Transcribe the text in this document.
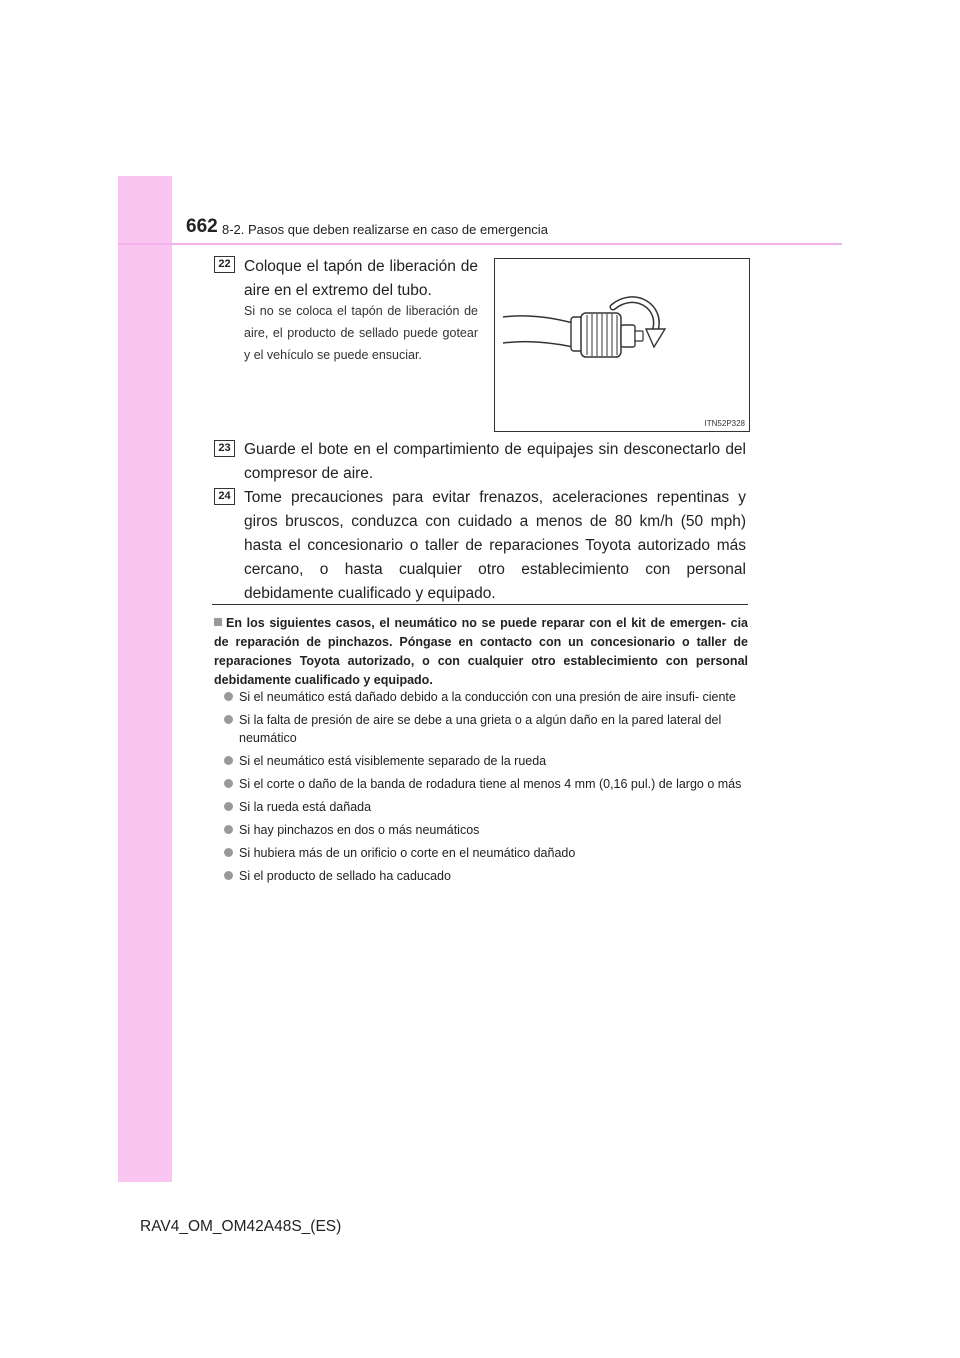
662 8-2. Pasos que deben realizarse en caso de emergencia
22 Coloque el tapón de liberación de aire en el extremo del tubo.
Si no se coloca el tapón de liberación de aire, el producto de sellado puede gotear y el vehículo se puede ensuciar.
ITN52P328
23 Guarde el bote en el compartimiento de equipajes sin desconectarlo del compresor de aire.
24 Tome precauciones para evitar frenazos, aceleraciones repentinas y giros bruscos, conduzca con cuidado a menos de 80 km/h (50 mph) hasta el concesionario o taller de reparaciones Toyota autorizado más cercano, o hasta cualquier otro establecimiento con personal debidamente cualificado y equipado.
En los siguientes casos, el neumático no se puede reparar con el kit de emergen- cia de reparación de pinchazos. Póngase en contacto con un concesionario o taller de reparaciones Toyota autorizado, o con cualquier otro establecimiento con personal debidamente cualificado y equipado.
Si el neumático está dañado debido a la conducción con una presión de aire insufi- ciente
Si la falta de presión de aire se debe a una grieta o a algún daño en la pared lateral del neumático
Si el neumático está visiblemente separado de la rueda
Si el corte o daño de la banda de rodadura tiene al menos 4 mm (0,16 pul.) de largo o más
Si la rueda está dañada
Si hay pinchazos en dos o más neumáticos
Si hubiera más de un orificio o corte en el neumático dañado
Si el producto de sellado ha caducado
RAV4_OM_OM42A48S_(ES)
